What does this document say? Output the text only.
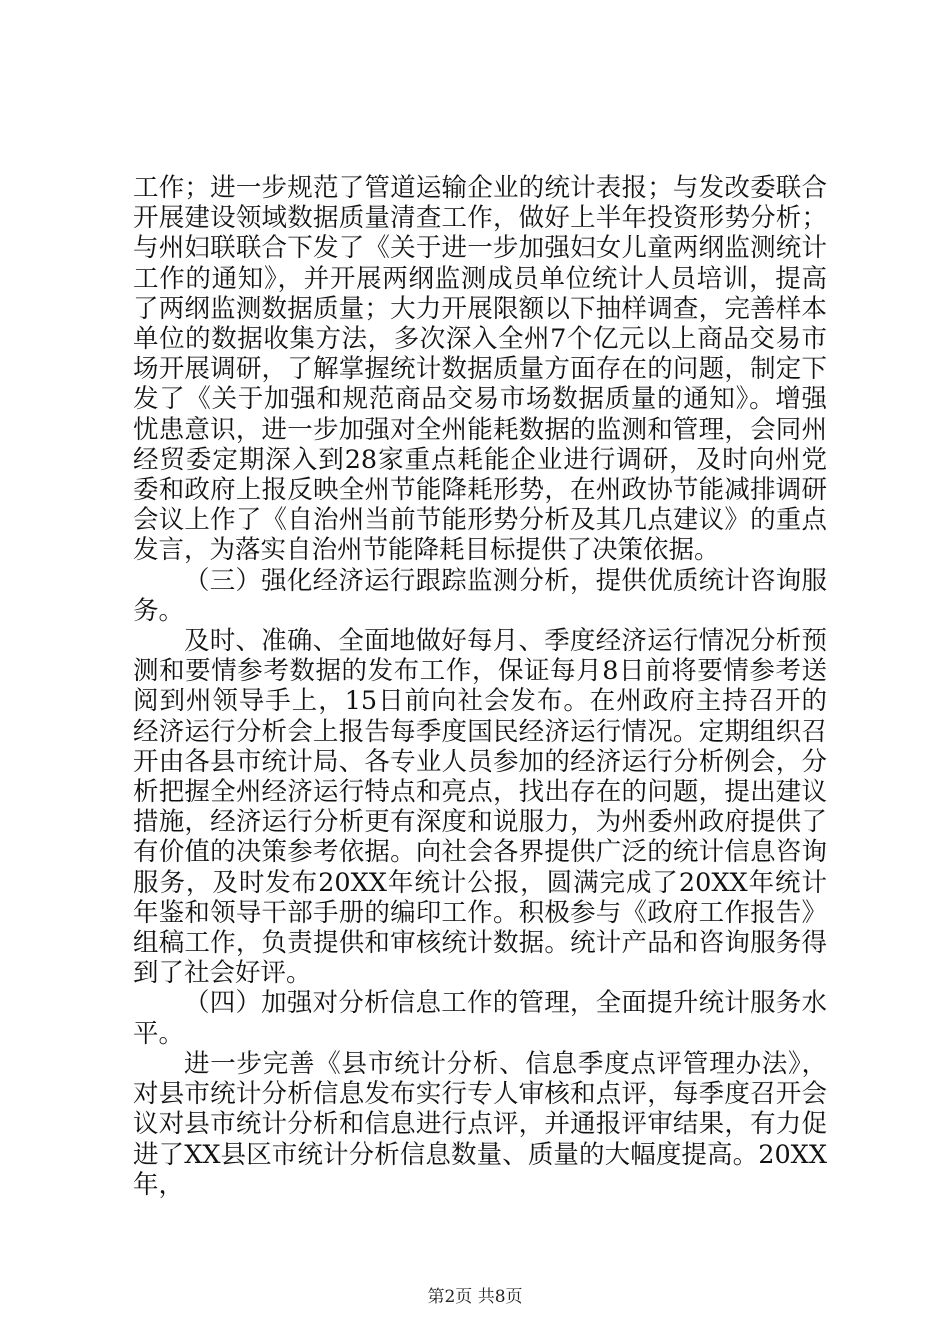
工作；进一步规范了管道运输企业的统计表报；与发改委联合开展建设领域数据质量清查工作，做好上半年投资形势分析；与州妇联联合下发了《关于进一步加强妇女儿童两纲监测统计工作的通知》，并开展两纲监测成员单位统计人员培训，提高了两纲监测数据质量；大力开展限额以下抽样调查，完善样本单位的数据收集方法，多次深入全州7个亿元以上商品交易市场开展调研，了解掌握统计数据质量方面存在的问题，制定下发了《关于加强和规范商品交易市场数据质量的通知》。增强忧患意识，进一步加强对全州能耗数据的监测和管理，会同州经贸委定期深入到28家重点耗能企业进行调研，及时向州党委和政府上报反映全州节能降耗形势，在州政协节能减排调研会议上作了《自治州当前节能形势分析及其几点建议》的重点发言，为落实自治州节能降耗目标提供了决策依据。

（三）强化经济运行跟踪监测分析，提供优质统计咨询服务。

及时、准确、全面地做好每月、季度经济运行情况分析预测和要情参考数据的发布工作，保证每月8日前将要情参考送阅到州领导手上，15日前向社会发布。在州政府主持召开的经济运行分析会上报告每季度国民经济运行情况。定期组织召开由各县市统计局、各专业人员参加的经济运行分析例会，分析把握全州经济运行特点和亮点，找出存在的问题，提出建议措施，经济运行分析更有深度和说服力，为州委州政府提供了有价值的决策参考依据。向社会各界提供广泛的统计信息咨询服务，及时发布20XX年统计公报，圆满完成了20XX年统计年鉴和领导干部手册的编印工作。积极参与《政府工作报告》组稿工作，负责提供和审核统计数据。统计产品和咨询服务得到了社会好评。

（四）加强对分析信息工作的管理，全面提升统计服务水平。

进一步完善《县市统计分析、信息季度点评管理办法》，对县市统计分析信息发布实行专人审核和点评，每季度召开会议对县市统计分析和信息进行点评，并通报评审结果，有力促进了XX县区市统计分析信息数量、质量的大幅度提高。20XX年，

第2页 共8页
